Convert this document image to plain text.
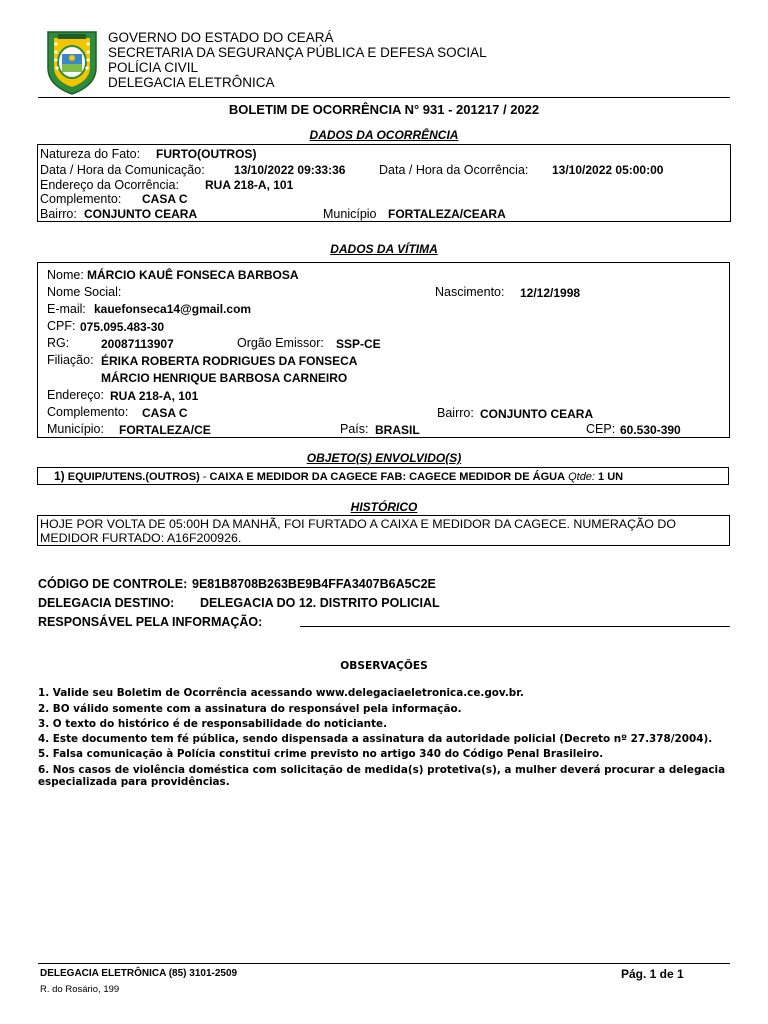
GOVERNO DO ESTADO DO CEARÁ
SECRETARIA DA SEGURANÇA PÚBLICA E DEFESA SOCIAL
POLÍCIA CIVIL
DELEGACIA ELETRÔNICA
BOLETIM DE OCORRÊNCIA N° 931 - 201217 / 2022
DADOS DA OCORRÊNCIA
Natureza do Fato: FURTO(OUTROS)
Data / Hora da Comunicação: 13/10/2022 09:33:36	Data / Hora da Ocorrência: 13/10/2022 05:00:00
Endereço da Ocorrência: RUA 218-A, 101
Complemento: CASA C
Bairro: CONJUNTO CEARA	Município FORTALEZA/CEARA
DADOS DA VÍTIMA
Nome: MÁRCIO KAUÊ FONSECA BARBOSA
Nome Social:	Nascimento: 12/12/1998
E-mail: kauefonseca14@gmail.com
CPF: 075.095.483-30
RG:	20087113907	Orgão Emissor: SSP-CE
Filiação: ÉRIKA ROBERTA RODRIGUES DA FONSECA
MÁRCIO HENRIQUE BARBOSA CARNEIRO
Endereço: RUA 218-A, 101
Complemento: CASA C	Bairro: CONJUNTO CEARA
Município: FORTALEZA/CE	País: BRASIL	CEP: 60.530-390
OBJETO(S) ENVOLVIDO(S)
1) EQUIP/UTENS.(OUTROS) - CAIXA E MEDIDOR DA CAGECE FAB: CAGECE MEDIDOR DE ÁGUA Qtde: 1 UN
HISTÓRICO
HOJE POR VOLTA DE 05:00H DA MANHÃ, FOI FURTADO A CAIXA E MEDIDOR DA CAGECE. NUMERAÇÃO DO
MEDIDOR FURTADO: A16F200926.
CÓDIGO DE CONTROLE: 9E81B8708B263BE9B4FFA3407B6A5C2E
DELEGACIA DESTINO: DELEGACIA DO 12. DISTRITO POLICIAL
RESPONSÁVEL PELA INFORMAÇÃO:
OBSERVAÇÕES
1. Valide seu Boletim de Ocorrência acessando www.delegaciaeletronica.ce.gov.br.
2. BO válido somente com a assinatura do responsável pela informação.
3. O texto do histórico é de responsabilidade do noticiante.
4. Este documento tem fé pública, sendo dispensada a assinatura da autoridade policial (Decreto nº 27.378/2004).
5. Falsa comunicação à Polícia constitui crime previsto no artigo 340 do Código Penal Brasileiro.
6. Nos casos de violência doméstica com solicitação de medida(s) protetiva(s), a mulher deverá procurar a delegacia
especializada para providências.
DELEGACIA ELETRÔNICA (85) 3101-2509
R. do Rosário, 199
Pág. 1 de 1
